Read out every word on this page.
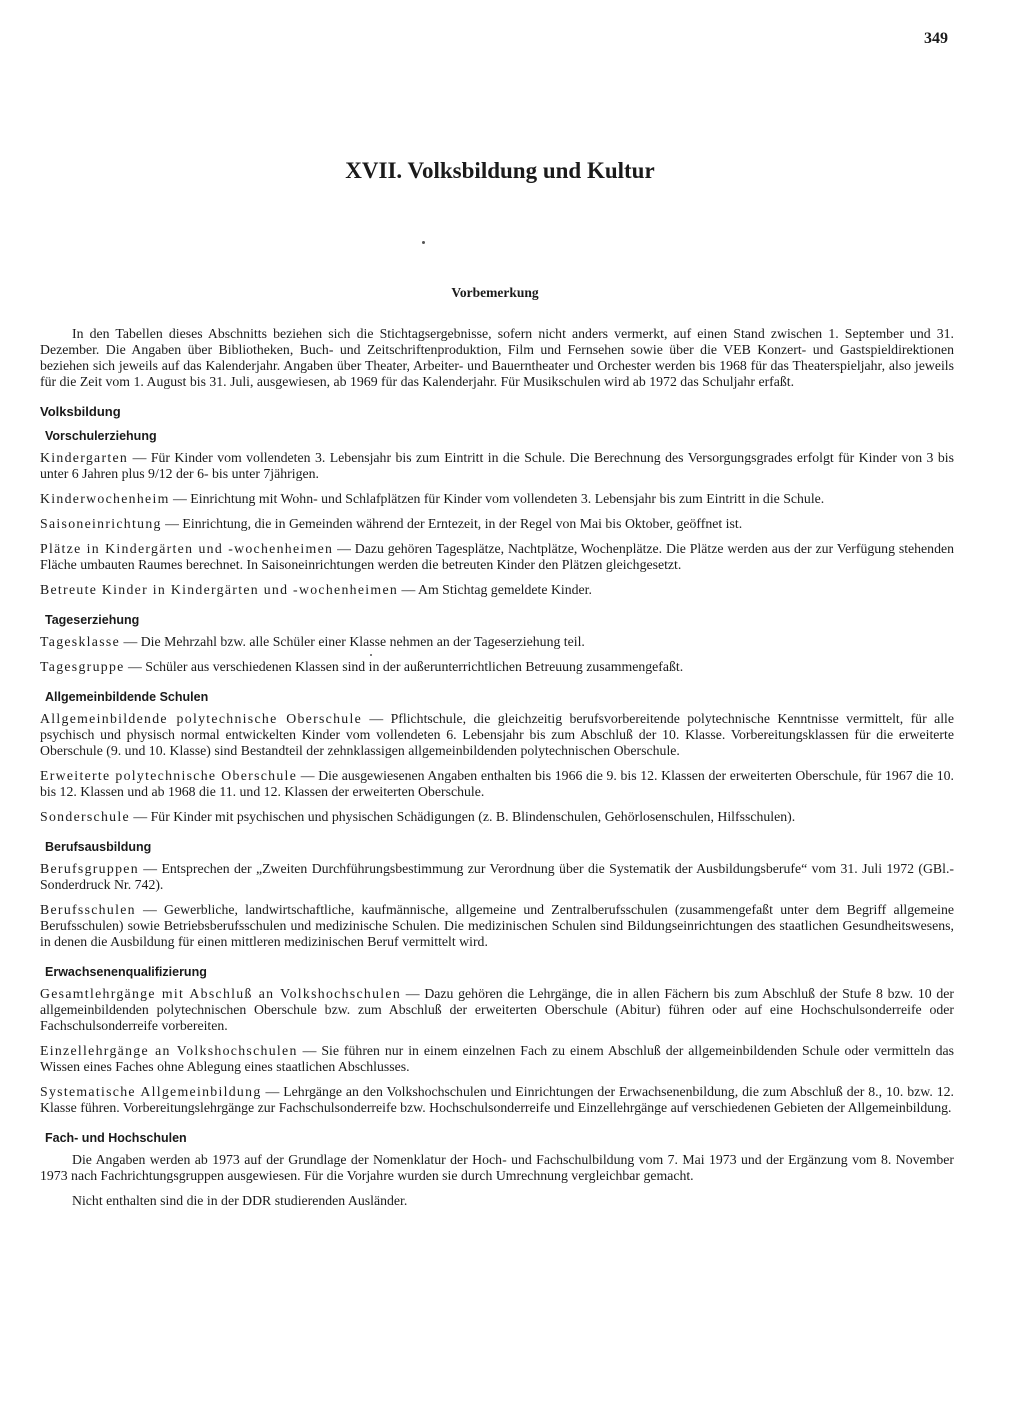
349
XVII. Volksbildung und Kultur
Vorbemerkung

In den Tabellen dieses Abschnitts beziehen sich die Stichtagsergebnisse, sofern nicht anders vermerkt, auf einen Stand zwischen 1. September und 31. Dezember. Die Angaben über Bibliotheken, Buch- und Zeitschriftenproduktion, Film und Fernsehen sowie über die VEB Konzert- und Gastspieldirektionen beziehen sich jeweils auf das Kalenderjahr. Angaben über Theater, Arbeiter- und Bauerntheater und Orchester werden bis 1968 für das Theaterspieljahr, also jeweils für die Zeit vom 1. August bis 31. Juli, ausgewiesen, ab 1969 für das Kalenderjahr. Für Musikschulen wird ab 1972 das Schuljahr erfaßt.

Volksbildung

Vorschulerziehung

Kindergarten — Für Kinder vom vollendeten 3. Lebensjahr bis zum Eintritt in die Schule. Die Berechnung des Versorgungsgrades erfolgt für Kinder von 3 bis unter 6 Jahren plus 9/12 der 6- bis unter 7jährigen.

Kinderwochenheim — Einrichtung mit Wohn- und Schlafplätzen für Kinder vom vollendeten 3. Lebensjahr bis zum Eintritt in die Schule.

Saisoneinrichtung — Einrichtung, die in Gemeinden während der Erntezeit, in der Regel von Mai bis Oktober, geöffnet ist.

Plätze in Kindergärten und -wochenheimen — Dazu gehören Tagesplätze, Nachtplätze, Wochenplätze. Die Plätze werden aus der zur Verfügung stehenden Fläche umbauten Raumes berechnet. In Saisoneinrichtungen werden die betreuten Kinder den Plätzen gleichgesetzt.

Betreute Kinder in Kindergärten und -wochenheimen — Am Stichtag gemeldete Kinder.

Tageserziehung

Tagesklasse — Die Mehrzahl bzw. alle Schüler einer Klasse nehmen an der Tageserziehung teil.

Tagesgruppe — Schüler aus verschiedenen Klassen sind in der außerunterrichtlichen Betreuung zusammengefaßt.

Allgemeinbildende Schulen

Allgemeinbildende polytechnische Oberschule — Pflichtschule, die gleichzeitig berufsvorbereitende polytechnische Kenntnisse vermittelt, für alle psychisch und physisch normal entwickelten Kinder vom vollendeten 6. Lebensjahr bis zum Abschluß der 10. Klasse. Vorbereitungsklassen für die erweiterte Oberschule (9. und 10. Klasse) sind Bestandteil der zehnklassigen allgemeinbildenden polytechnischen Oberschule.

Erweiterte polytechnische Oberschule — Die ausgewiesenen Angaben enthalten bis 1966 die 9. bis 12. Klassen der erweiterten Oberschule, für 1967 die 10. bis 12. Klassen und ab 1968 die 11. und 12. Klassen der erweiterten Oberschule.

Sonderschule — Für Kinder mit psychischen und physischen Schädigungen (z. B. Blindenschulen, Gehörlosenschulen, Hilfsschulen).

Berufsausbildung

Berufsgruppen — Entsprechen der „Zweiten Durchführungsbestimmung zur Verordnung über die Systematik der Ausbildungsberufe“ vom 31. Juli 1972 (GBl.-Sonderdruck Nr. 742).

Berufsschulen — Gewerbliche, landwirtschaftliche, kaufmännische, allgemeine und Zentralberufsschulen (zusammengefaßt unter dem Begriff allgemeine Berufsschulen) sowie Betriebsberufsschulen und medizinische Schulen. Die medizinischen Schulen sind Bildungseinrichtungen des staatlichen Gesundheitswesens, in denen die Ausbildung für einen mittleren medizinischen Beruf vermittelt wird.

Erwachsenenqualifizierung

Gesamtlehrgänge mit Abschluß an Volkshochschulen — Dazu gehören die Lehrgänge, die in allen Fächern bis zum Abschluß der Stufe 8 bzw. 10 der allgemeinbildenden polytechnischen Oberschule bzw. zum Abschluß der erweiterten Oberschule (Abitur) führen oder auf eine Hochschulsonderreife oder Fachschulsonderreife vorbereiten.

Einzellehrgänge an Volkshochschulen — Sie führen nur in einem einzelnen Fach zu einem Abschluß der allgemeinbildenden Schule oder vermitteln das Wissen eines Faches ohne Ablegung eines staatlichen Abschlusses.

Systematische Allgemeinbildung — Lehrgänge an den Volkshochschulen und Einrichtungen der Erwachsenenbildung, die zum Abschluß der 8., 10. bzw. 12. Klasse führen. Vorbereitungslehrgänge zur Fachschulsonderreife bzw. Hochschulsonderreife und Einzellehrgänge auf verschiedenen Gebieten der Allgemeinbildung.

Fach- und Hochschulen

Die Angaben werden ab 1973 auf der Grundlage der Nomenklatur der Hoch- und Fachschulbildung vom 7. Mai 1973 und der Ergänzung vom 8. November 1973 nach Fachrichtungsgruppen ausgewiesen. Für die Vorjahre wurden sie durch Umrechnung vergleichbar gemacht.

Nicht enthalten sind die in der DDR studierenden Ausländer.
